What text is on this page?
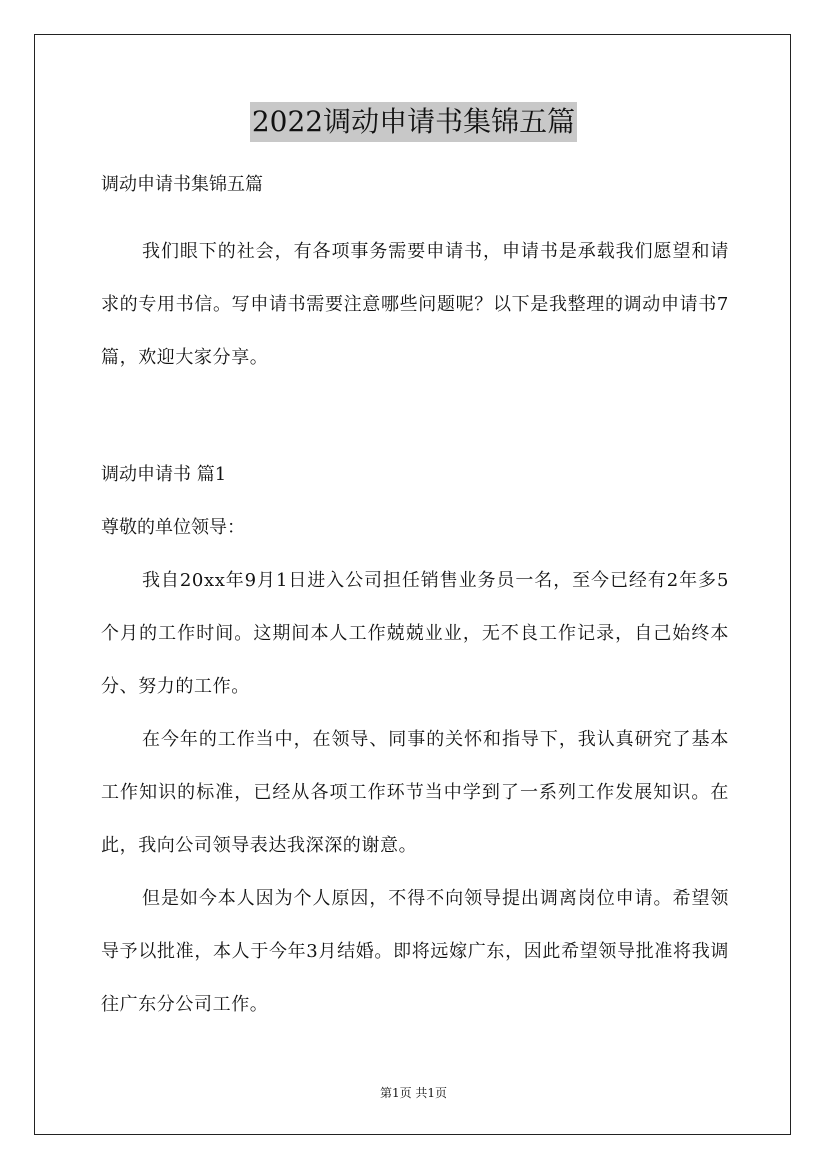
2022调动申请书集锦五篇
调动申请书集锦五篇

我们眼下的社会，有各项事务需要申请书，申请书是承载我们愿望和请求的专用书信。写申请书需要注意哪些问题呢？以下是我整理的调动申请书7篇，欢迎大家分享。

调动申请书 篇1
尊敬的单位领导：

我自20xx年9月1日进入公司担任销售业务员一名，至今已经有2年多5个月的工作时间。这期间本人工作兢兢业业，无不良工作记录，自己始终本分、努力的工作。

在今年的工作当中，在领导、同事的关怀和指导下，我认真研究了基本工作知识的标准，已经从各项工作环节当中学到了一系列工作发展知识。在此，我向公司领导表达我深深的谢意。

但是如今本人因为个人原因，不得不向领导提出调离岗位申请。希望领导予以批准，本人于今年3月结婚。即将远嫁广东，因此希望领导批准将我调往广东分公司工作。

第1页 共1页
